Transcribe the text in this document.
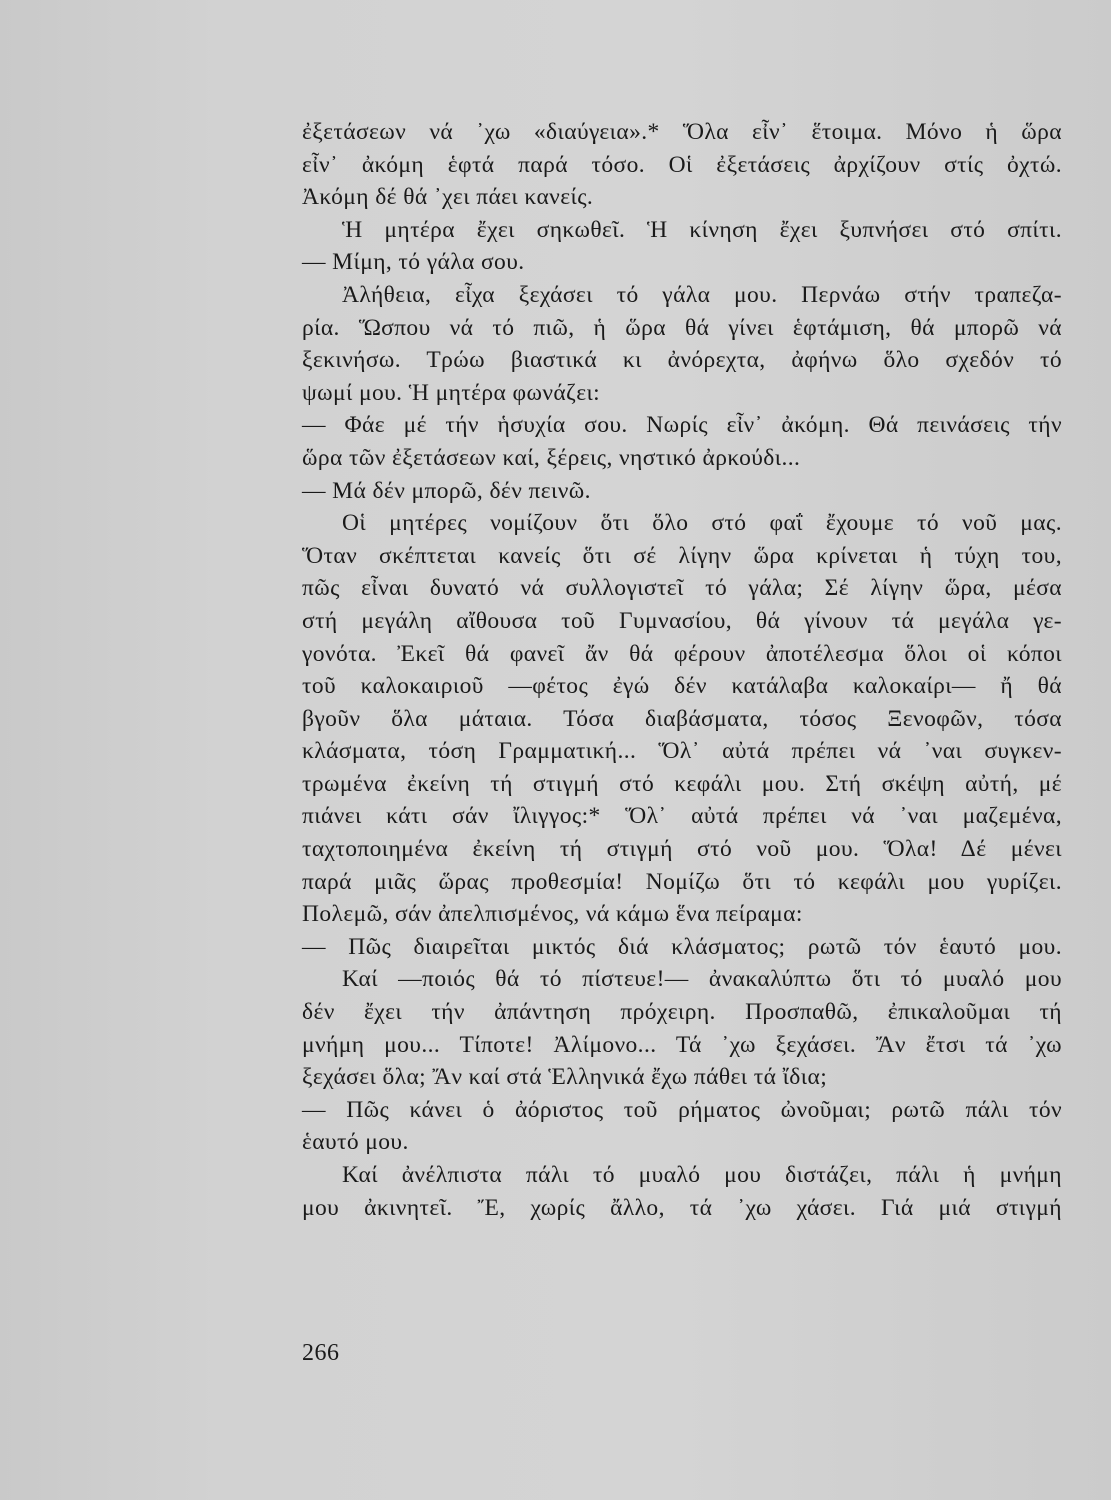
ἐξετάσεων νά ᾽χω «διαύγεια».* Ὅλα εἶν᾽ ἕτοιμα. Μόνο ἡ ὥρα
εἶν᾽ ἀκόμη ἑφτά παρά τόσο. Οἱ ἐξετάσεις ἀρχίζουν στίς ὀχτώ.
Ἀκόμη δέ θά ᾽χει πάει κανείς.
Ἡ μητέρα ἔχει σηκωθεῖ. Ἡ κίνηση ἔχει ξυπνήσει στό σπίτι.
— Μίμη, τό γάλα σου.
Ἀλήθεια, εἶχα ξεχάσει τό γάλα μου. Περνάω στήν τραπεζα-
ρία. Ὥσπου νά τό πιῶ, ἡ ὥρα θά γίνει ἑφτάμιση, θά μπορῶ νά
ξεκινήσω. Τρώω βιαστικά κι ἀνόρεχτα, ἀφήνω ὅλο σχεδόν τό
ψωμί μου. Ἡ μητέρα φωνάζει:
— Φάε μέ τήν ἡσυχία σου. Νωρίς εἶν᾽ ἀκόμη. Θά πεινάσεις τήν
ὥρα τῶν ἐξετάσεων καί, ξέρεις, νηστικό ἀρκούδι...
— Μά δέν μπορῶ, δέν πεινῶ.
Οἱ μητέρες νομίζουν ὅτι ὅλο στό φαΐ ἔχουμε τό νοῦ μας.
Ὅταν σκέπτεται κανείς ὅτι σέ λίγην ὥρα κρίνεται ἡ τύχη του,
πῶς εἶναι δυνατό νά συλλογιστεῖ τό γάλα; Σέ λίγην ὥρα, μέσα
στή μεγάλη αἴθουσα τοῦ Γυμνασίου, θά γίνουν τά μεγάλα γε-
γονότα. Ἐκεῖ θά φανεῖ ἄν θά φέρουν ἀποτέλεσμα ὅλοι οἱ κόποι
τοῦ καλοκαιριοῦ —φέτος ἐγώ δέν κατάλαβα καλοκαίρι— ἤ θά
βγοῦν ὅλα μάταια. Τόσα διαβάσματα, τόσος Ξενοφῶν, τόσα
κλάσματα, τόση Γραμματική... Ὅλ᾽ αὐτά πρέπει νά ᾽ναι συγκεν-
τρωμένα ἐκείνη τή στιγμή στό κεφάλι μου. Στή σκέψη αὐτή, μέ
πιάνει κάτι σάν ἴλιγγος:* Ὅλ᾽ αὐτά πρέπει νά ᾽ναι μαζεμένα,
ταχτοποιημένα ἐκείνη τή στιγμή στό νοῦ μου. Ὅλα! Δέ μένει
παρά μιᾶς ὥρας προθεσμία! Νομίζω ὅτι τό κεφάλι μου γυρίζει.
Πολεμῶ, σάν ἀπελπισμένος, νά κάμω ἕνα πείραμα:
— Πῶς διαιρεῖται μικτός διά κλάσματος; ρωτῶ τόν ἑαυτό μου.
Καί —ποιός θά τό πίστευε!— ἀνακαλύπτω ὅτι τό μυαλό μου
δέν ἔχει τήν ἀπάντηση πρόχειρη. Προσπαθῶ, ἐπικαλοῦμαι τή
μνήμη μου... Τίποτε! Ἀλίμονο... Τά ᾽χω ξεχάσει. Ἄν ἔτσι τά ᾽χω
ξεχάσει ὅλα; Ἄν καί στά Ἑλληνικά ἔχω πάθει τά ἴδια;
— Πῶς κάνει ὁ ἀόριστος τοῦ ρήματος ὠνοῦμαι; ρωτῶ πάλι τόν
ἑαυτό μου.
Καί ἀνέλπιστα πάλι τό μυαλό μου διστάζει, πάλι ἡ μνήμη
μου ἀκινητεῖ. Ἔ, χωρίς ἄλλο, τά ᾽χω χάσει. Γιά μιά στιγμή
266
